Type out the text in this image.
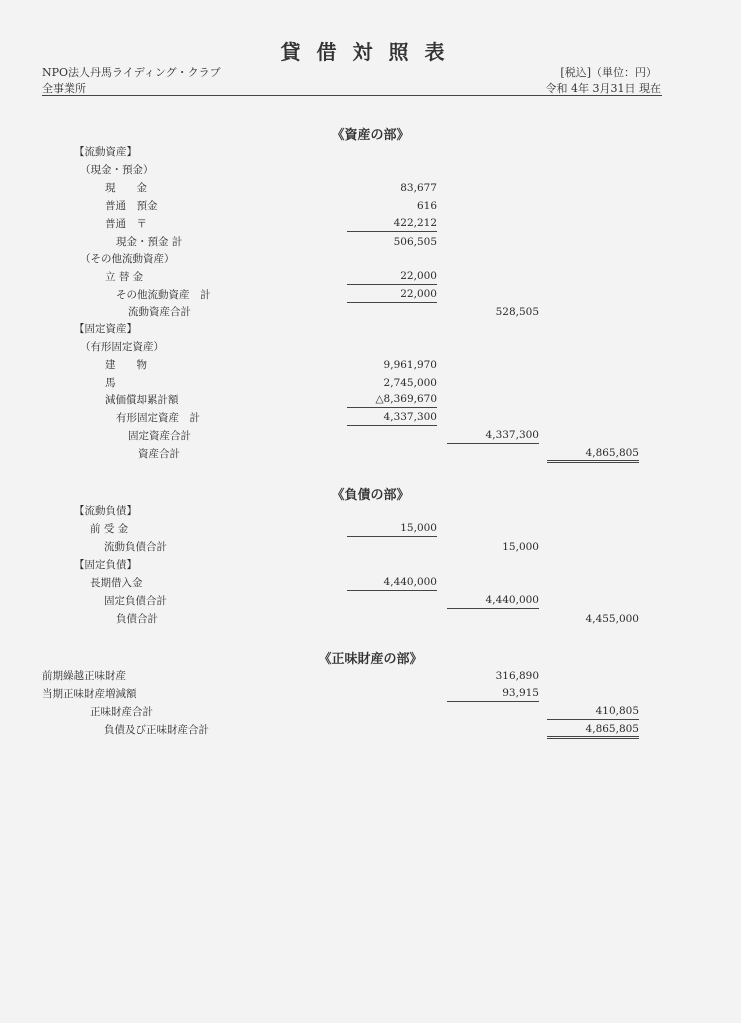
貸借対照表
NPO法人丹馬ライディング・クラブ
全事業所
[税込]（単位：円）
令和 4年 3月31日 現在
《資産の部》
《負債の部》
《正味財産の部》
【流動資産】
（現金・預金）
現　　金	83,677
普通　預金	616
普通　〒	422,212
現金・預金 計	506,505
（その他流動資産）
立 替 金	22,000
その他流動資産　計	22,000
流動資産合計	528,505
【固定資産】
（有形固定資産）
建　　物	9,961,970
馬	2,745,000
減価償却累計額	△8,369,670
有形固定資産　計	4,337,300
固定資産合計	4,337,300
資産合計	4,865,805
【流動負債】
前 受 金	15,000
流動負債合計	15,000
【固定負債】
長期借入金	4,440,000
固定負債合計	4,440,000
負債合計	4,455,000
前期繰越正味財産	316,890
当期正味財産増減額	93,915
正味財産合計	410,805
負債及び正味財産合計	4,865,805
